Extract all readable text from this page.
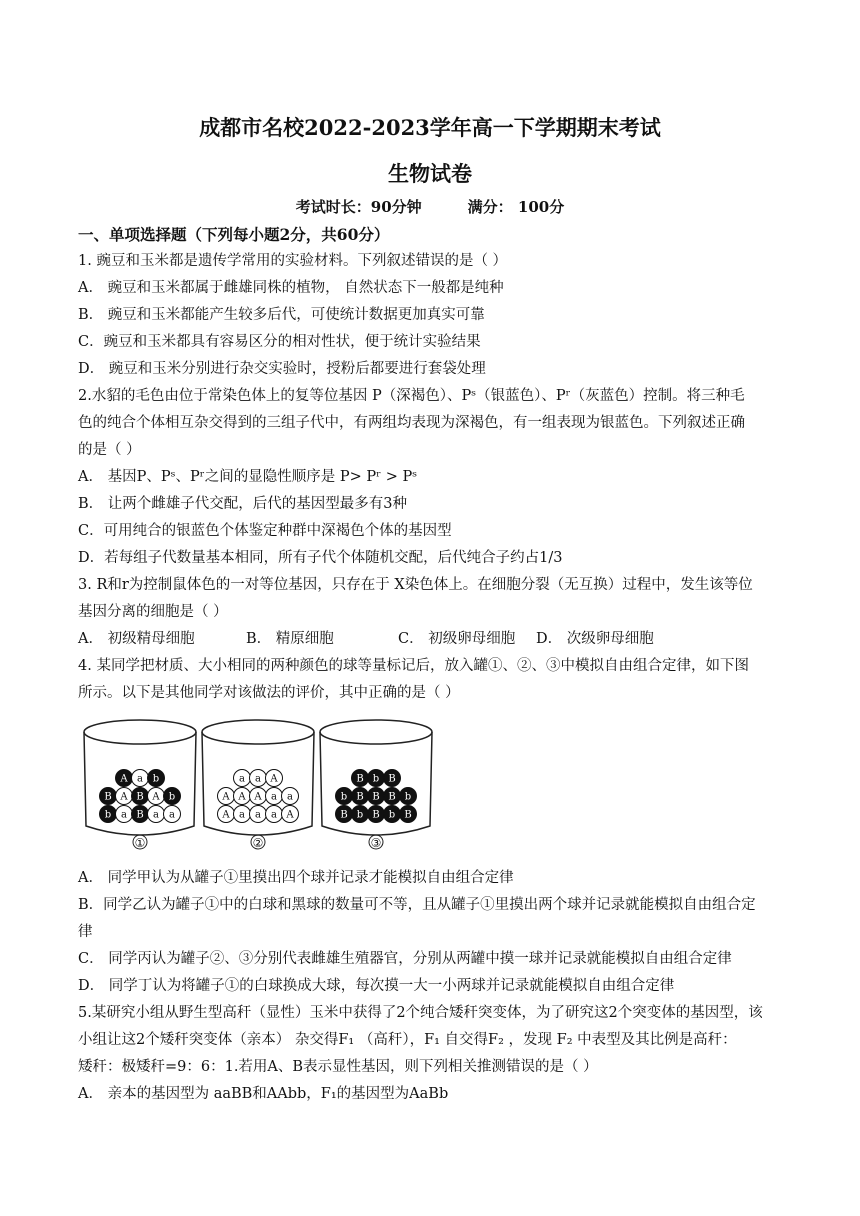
成都市名校2022-2023学年高一下学期期末考试
生物试卷
考试时长：90分钟	满分： 100分
一、单项选择题（下列每小题2分，共60分）
1. 豌豆和玉米都是遗传学常用的实验材料。下列叙述错误的是（ ）
A． 豌豆和玉米都属于雌雄同株的植物， 自然状态下一般都是纯种
B． 豌豆和玉米都能产生较多后代，可使统计数据更加真实可靠
C．豌豆和玉米都具有容易区分的相对性状，便于统计实验结果
D． 豌豆和玉米分别进行杂交实验时，授粉后都要进行套袋处理
2.水貂的毛色由位于常染色体上的复等位基因 P（深褐色）、Pˢ（银蓝色）、Pʳ（灰蓝色）控制。将三种毛
色的纯合个体相互杂交得到的三组子代中，有两组均表现为深褐色，有一组表现为银蓝色。下列叙述正确
的是（ ）
A． 基因P、Pˢ、Pʳ之间的显隐性顺序是 P> Pʳ > Pˢ
B． 让两个雌雄子代交配，后代的基因型最多有3种
C．可用纯合的银蓝色个体鉴定种群中深褐色个体的基因型
D．若每组子代数量基本相同，所有子代个体随机交配，后代纯合子约占1/3
3. R和r为控制鼠体色的一对等位基因，只存在于 X染色体上。在细胞分裂（无互换）过程中，发生该等位
基因分离的细胞是（ ）
A． 初级精母细胞	B． 精原细胞	C． 初级卵母细胞 D． 次级卵母细胞
4. 某同学把材质、大小相同的两种颜色的球等量标记后，放入罐①、②、③中模拟自由组合定律，如下图
所示。以下是其他同学对该做法的评价，其中正确的是（ ）
A a b
B A B A b
b a B a a
①
a a A
A A A a a
A a a a A
②
B b B
b B B B b
B b B b B
③
A． 同学甲认为从罐子①里摸出四个球并记录才能模拟自由组合定律
B．同学乙认为罐子①中的白球和黑球的数量可不等，且从罐子①里摸出两个球并记录就能模拟自由组合定
律
C． 同学丙认为罐子②、③分别代表雌雄生殖器官，分别从两罐中摸一球并记录就能模拟自由组合定律
D． 同学丁认为将罐子①的白球换成大球，每次摸一大一小两球并记录就能模拟自由组合定律
5.某研究小组从野生型高秆（显性）玉米中获得了2个纯合矮秆突变体，为了研究这2个突变体的基因型，该
小组让这2个矮秆突变体（亲本） 杂交得F₁ （高秆），F₁ 自交得F₂ ，发现 F₂ 中表型及其比例是高秆：
矮秆：极矮秆=9：6：1.若用A、B表示显性基因，则下列相关推测错误的是（ ）
A． 亲本的基因型为 aaBB和AAbb，F₁的基因型为AaBb
